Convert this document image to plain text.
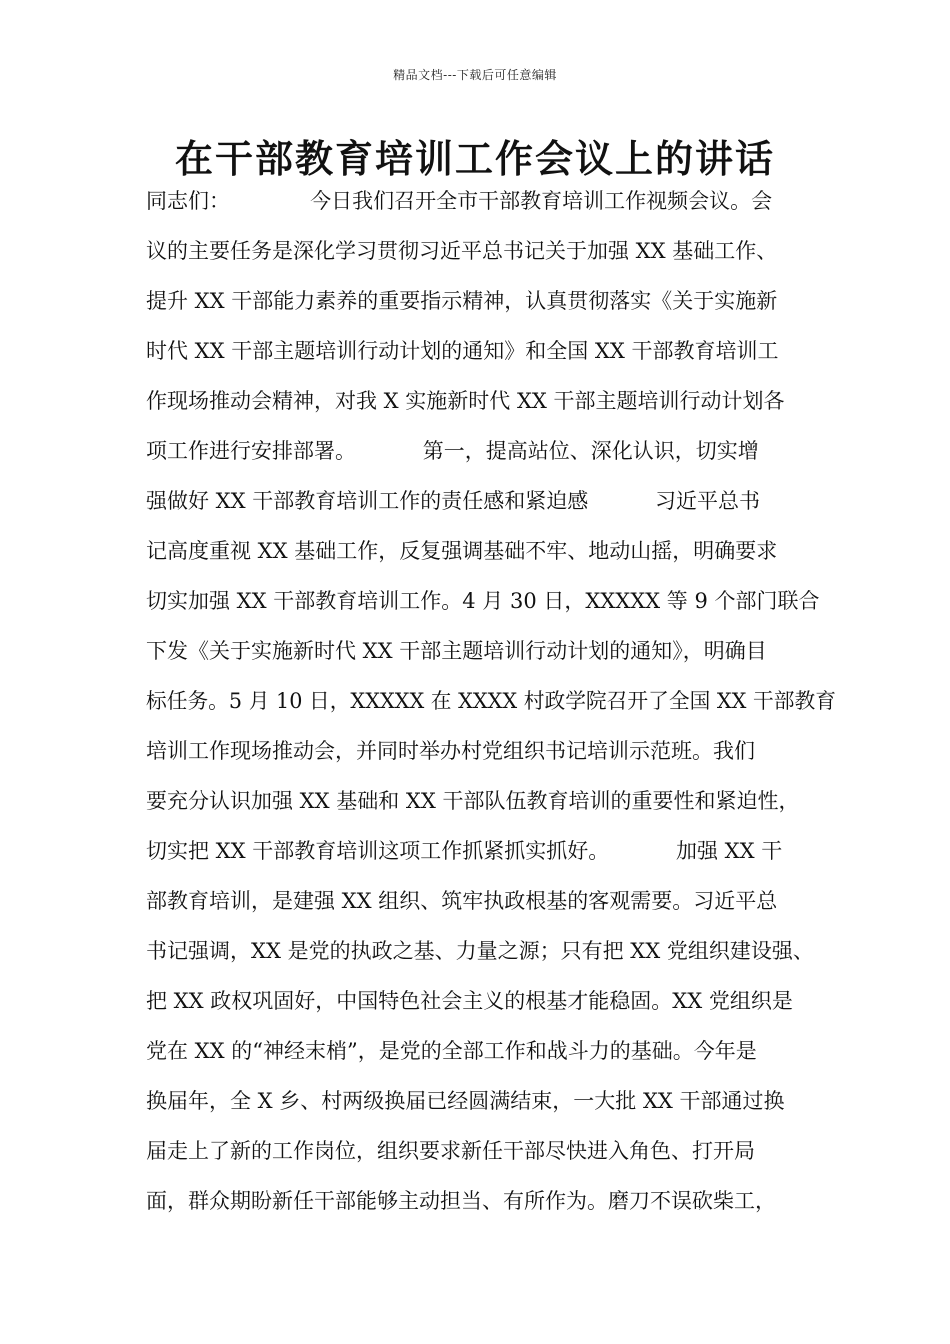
精品文档---下载后可任意编辑
在干部教育培训工作会议上的讲话
同志们：            今日我们召开全市干部教育培训工作视频会议。会
议的主要任务是深化学习贯彻习近平总书记关于加强 XX 基础工作、
提升 XX 干部能力素养的重要指示精神，认真贯彻落实《关于实施新
时代 XX 干部主题培训行动计划的通知》和全国 XX 干部教育培训工
作现场推动会精神，对我 X 实施新时代 XX 干部主题培训行动计划各
项工作进行安排部署。          第一，提高站位、深化认识，切实增
强做好 XX 干部教育培训工作的责任感和紧迫感          习近平总书
记高度重视 XX 基础工作，反复强调基础不牢、地动山摇，明确要求
切实加强 XX 干部教育培训工作。4 月 30 日，XXXXX 等 9 个部门联合
下发《关于实施新时代 XX 干部主题培训行动计划的通知》，明确目
标任务。5 月 10 日，XXXXX 在 XXXX 村政学院召开了全国 XX 干部教育
培训工作现场推动会，并同时举办村党组织书记培训示范班。我们
要充分认识加强 XX 基础和 XX 干部队伍教育培训的重要性和紧迫性，
切实把 XX 干部教育培训这项工作抓紧抓实抓好。          加强 XX 干
部教育培训，是建强 XX 组织、筑牢执政根基的客观需要。习近平总
书记强调，XX 是党的执政之基、力量之源；只有把 XX 党组织建设强、
把 XX 政权巩固好，中国特色社会主义的根基才能稳固。XX 党组织是
党在 XX 的“神经末梢”，是党的全部工作和战斗力的基础。今年是
换届年，全 X 乡、村两级换届已经圆满结束，一大批 XX 干部通过换
届走上了新的工作岗位，组织要求新任干部尽快进入角色、打开局
面，群众期盼新任干部能够主动担当、有所作为。磨刀不误砍柴工，
